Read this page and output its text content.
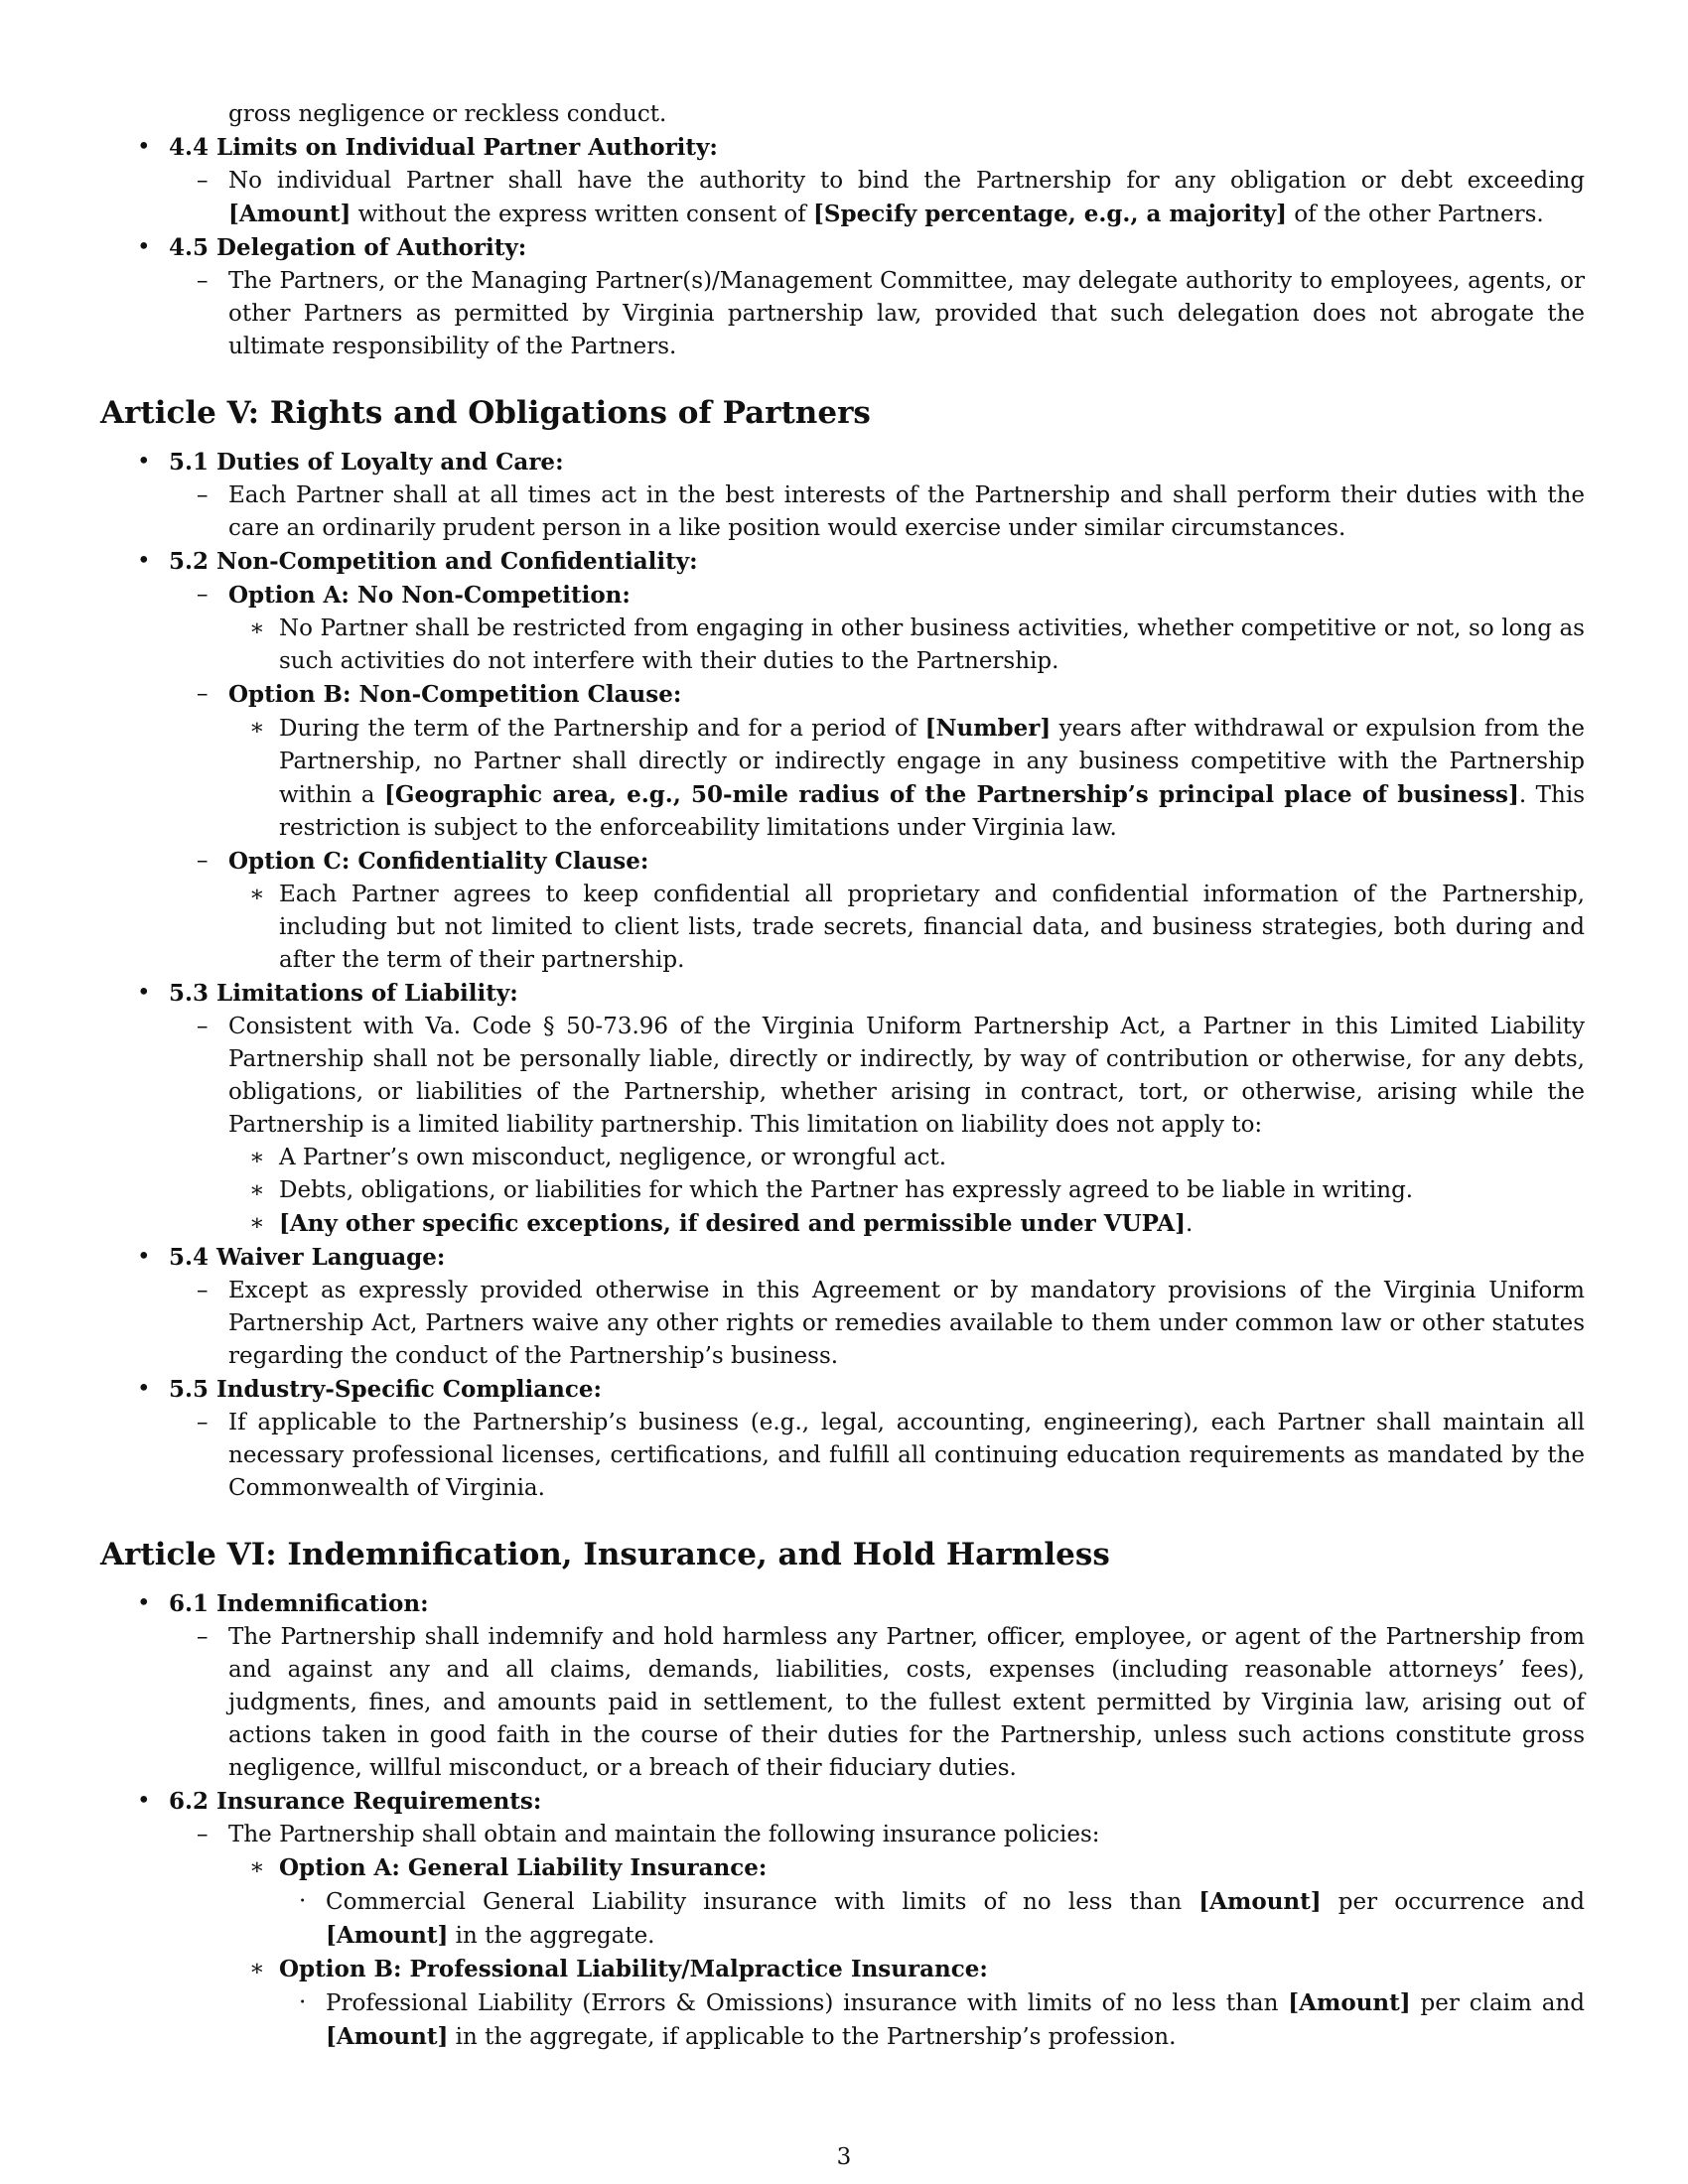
gross negligence or reckless conduct.
• 4.4 Limits on Individual Partner Authority:
– No individual Partner shall have the authority to bind the Partnership for any obligation or debt exceeding [Amount] without the express written consent of [Specify percentage, e.g., a majority] of the other Partners.
• 4.5 Delegation of Authority:
– The Partners, or the Managing Partner(s)/Management Committee, may delegate authority to employees, agents, or other Partners as permitted by Virginia partnership law, provided that such delegation does not abrogate the ultimate responsibility of the Partners.
Article V: Rights and Obligations of Partners
• 5.1 Duties of Loyalty and Care:
– Each Partner shall at all times act in the best interests of the Partnership and shall perform their duties with the care an ordinarily prudent person in a like position would exercise under similar circumstances.
• 5.2 Non-Competition and Confidentiality:
– Option A: No Non-Competition:
∗ No Partner shall be restricted from engaging in other business activities, whether competitive or not, so long as such activities do not interfere with their duties to the Partnership.
– Option B: Non-Competition Clause:
∗ During the term of the Partnership and for a period of [Number] years after withdrawal or expulsion from the Partnership, no Partner shall directly or indirectly engage in any business competitive with the Partnership within a [Geographic area, e.g., 50-mile radius of the Partnership’s principal place of business]. This restriction is subject to the enforceability limitations under Virginia law.
– Option C: Confidentiality Clause:
∗ Each Partner agrees to keep confidential all proprietary and confidential information of the Partnership, including but not limited to client lists, trade secrets, financial data, and business strategies, both during and after the term of their partnership.
• 5.3 Limitations of Liability:
– Consistent with Va. Code § 50-73.96 of the Virginia Uniform Partnership Act, a Partner in this Limited Liability Partnership shall not be personally liable, directly or indirectly, by way of contribution or otherwise, for any debts, obligations, or liabilities of the Partnership, whether arising in contract, tort, or otherwise, arising while the Partnership is a limited liability partnership. This limitation on liability does not apply to:
∗ A Partner’s own misconduct, negligence, or wrongful act.
∗ Debts, obligations, or liabilities for which the Partner has expressly agreed to be liable in writing.
∗ [Any other specific exceptions, if desired and permissible under VUPA].
• 5.4 Waiver Language:
– Except as expressly provided otherwise in this Agreement or by mandatory provisions of the Virginia Uniform Partnership Act, Partners waive any other rights or remedies available to them under common law or other statutes regarding the conduct of the Partnership’s business.
• 5.5 Industry-Specific Compliance:
– If applicable to the Partnership’s business (e.g., legal, accounting, engineering), each Partner shall maintain all necessary professional licenses, certifications, and fulfill all continuing education requirements as mandated by the Commonwealth of Virginia.
Article VI: Indemnification, Insurance, and Hold Harmless
• 6.1 Indemnification:
– The Partnership shall indemnify and hold harmless any Partner, officer, employee, or agent of the Partnership from and against any and all claims, demands, liabilities, costs, expenses (including reasonable attorneys’ fees), judgments, fines, and amounts paid in settlement, to the fullest extent permitted by Virginia law, arising out of actions taken in good faith in the course of their duties for the Partnership, unless such actions constitute gross negligence, willful misconduct, or a breach of their fiduciary duties.
• 6.2 Insurance Requirements:
– The Partnership shall obtain and maintain the following insurance policies:
∗ Option A: General Liability Insurance:
· Commercial General Liability insurance with limits of no less than [Amount] per occurrence and [Amount] in the aggregate.
∗ Option B: Professional Liability/Malpractice Insurance:
· Professional Liability (Errors & Omissions) insurance with limits of no less than [Amount] per claim and [Amount] in the aggregate, if applicable to the Partnership’s profession.
3
